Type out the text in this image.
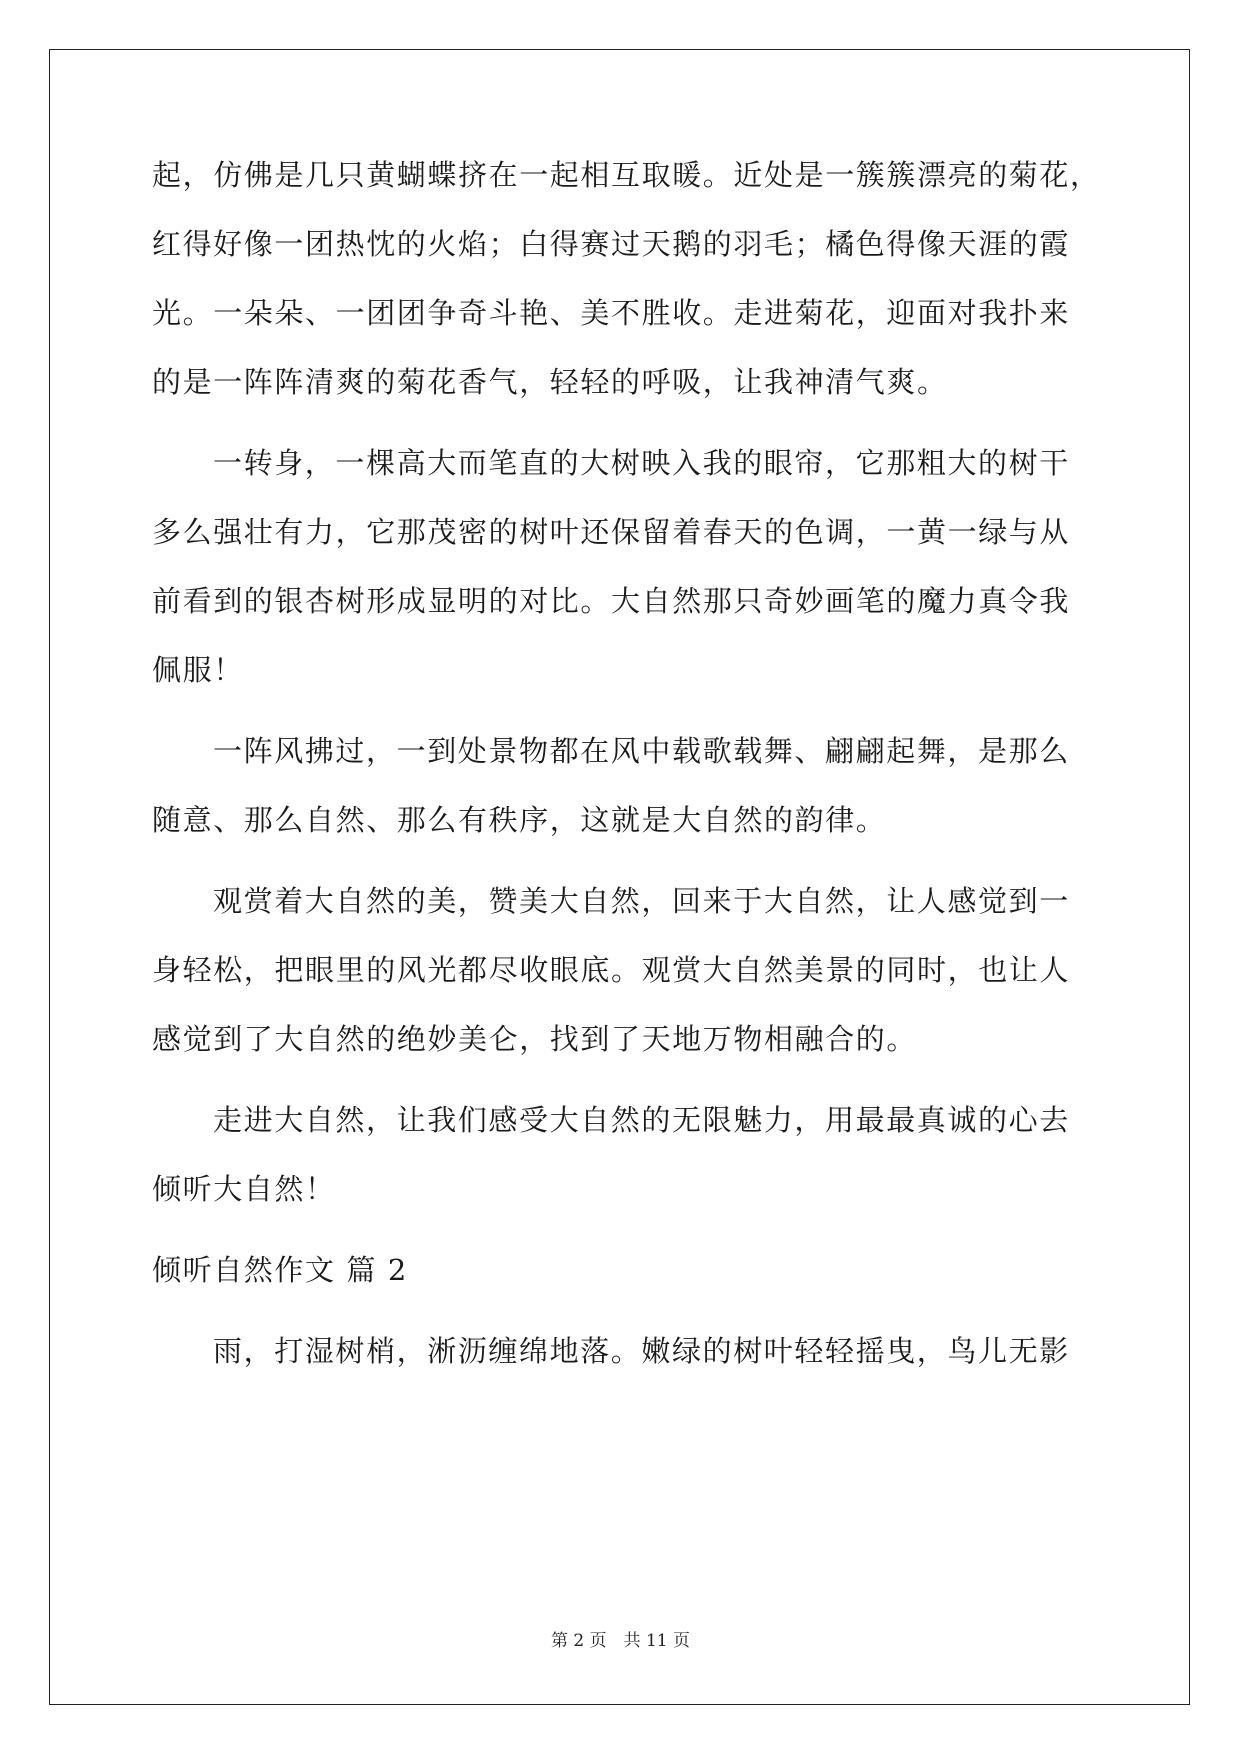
起，仿佛是几只黄蝴蝶挤在一起相互取暖。近处是一簇簇漂亮的菊花，
红得好像一团热忱的火焰；白得赛过天鹅的羽毛；橘色得像天涯的霞
光。一朵朵、一团团争奇斗艳、美不胜收。走进菊花，迎面对我扑来
的是一阵阵清爽的菊花香气，轻轻的呼吸，让我神清气爽。
一转身，一棵高大而笔直的大树映入我的眼帘，它那粗大的树干
多么强壮有力，它那茂密的树叶还保留着春天的色调，一黄一绿与从
前看到的银杏树形成显明的对比。大自然那只奇妙画笔的魔力真令我
佩服！
一阵风拂过，一到处景物都在风中载歌载舞、翩翩起舞，是那么
随意、那么自然、那么有秩序，这就是大自然的韵律。
观赏着大自然的美，赞美大自然，回来于大自然，让人感觉到一
身轻松，把眼里的风光都尽收眼底。观赏大自然美景的同时，也让人
感觉到了大自然的绝妙美仑，找到了天地万物相融合的。
走进大自然，让我们感受大自然的无限魅力，用最最真诚的心去
倾听大自然！
倾听自然作文 篇 2
雨，打湿树梢，淅沥缠绵地落。嫩绿的树叶轻轻摇曳，鸟儿无影
第 2 页　共 11 页
